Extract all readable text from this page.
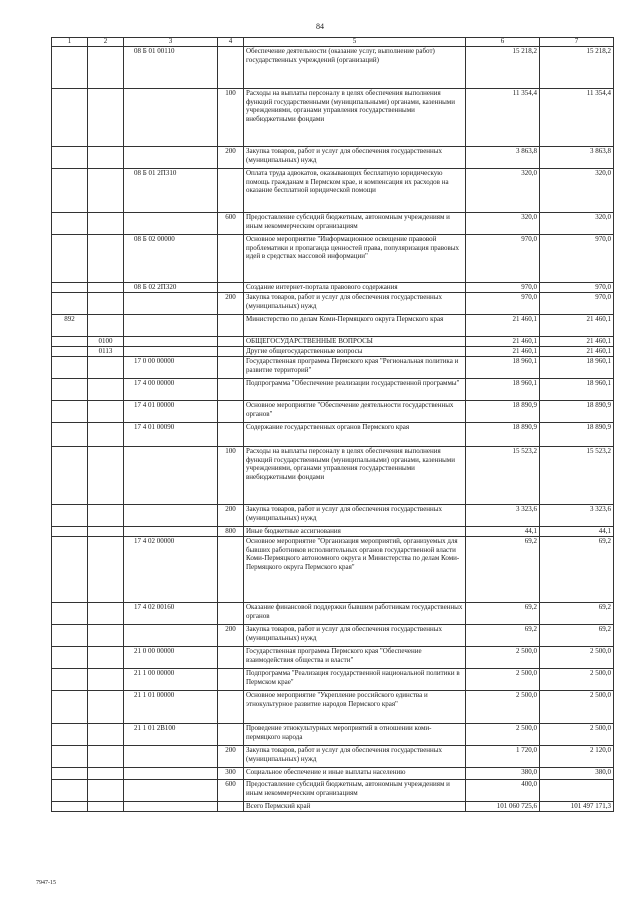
84
1	2	3	4	5	6	7
		08 Б 01 00110		Обеспечение деятельности (оказание услуг, выполнение работ) государственных учреждений (организаций)	15 218,2	15 218,2
			100	Расходы на выплаты персоналу в целях обеспечения выполнения функций государственными (муниципальными) органами, казенными учреждениями, органами управления государственными внебюджетными фондами	11 354,4	11 354,4
			200	Закупка товаров, работ и услуг для обеспечения государственных (муниципальных) нужд	3 863,8	3 863,8
		08 Б 01 2П310		Оплата труда адвокатов, оказывающих бесплатную юридическую помощь гражданам в Пермском крае, и компенсация их расходов на оказание бесплатной юридической помощи	320,0	320,0
			600	Предоставление субсидий бюджетным, автономным учреждениям и иным некоммерческим организациям	320,0	320,0
		08 Б 02 00000		Основное мероприятие "Информационное освещение правовой проблематики и пропаганда ценностей права, популяризация правовых идей в средствах массовой информации"	970,0	970,0
		08 Б 02 2П320		Создание интернет-портала правового содержания	970,0	970,0
			200	Закупка товаров, работ и услуг для обеспечения государственных (муниципальных) нужд	970,0	970,0
892				Министерство по делам Коми-Пермяцкого округа Пермского края	21 460,1	21 460,1
	0100			ОБЩЕГОСУДАРСТВЕННЫЕ ВОПРОСЫ	21 460,1	21 460,1
	0113			Другие общегосударственные вопросы	21 460,1	21 460,1
		17 0 00 00000		Государственная программа Пермского края "Региональная политика и развитие территорий"	18 960,1	18 960,1
		17 4 00 00000		Подпрограмма "Обеспечение реализации государственной программы"	18 960,1	18 960,1
		17 4 01 00000		Основное мероприятие "Обеспечение деятельности государственных органов"	18 890,9	18 890,9
		17 4 01 00090		Содержание государственных органов Пермского края	18 890,9	18 890,9
			100	Расходы на выплаты персоналу в целях обеспечения выполнения функций государственными (муниципальными) органами, казенными учреждениями, органами управления государственными внебюджетными фондами	15 523,2	15 523,2
			200	Закупка товаров, работ и услуг для обеспечения государственных (муниципальных) нужд	3 323,6	3 323,6
			800	Иные бюджетные ассигнования	44,1	44,1
		17 4 02 00000		Основное мероприятие "Организация мероприятий, организуемых для бывших работников исполнительных органов государственной власти Коми-Пермяцкого автономного округа и Министерства по делам Коми-Пермяцкого округа Пермского края"	69,2	69,2
		17 4 02 00160		Оказание финансовой поддержки бывшим работникам государственных органов	69,2	69,2
			200	Закупка товаров, работ и услуг для обеспечения государственных (муниципальных) нужд	69,2	69,2
		21 0 00 00000		Государственная программа Пермского края "Обеспечение взаимодействия общества и власти"	2 500,0	2 500,0
		21 1 00 00000		Подпрограмма "Реализация государственной национальной политики в Пермском крае"	2 500,0	2 500,0
		21 1 01 00000		Основное мероприятие "Укрепление российского единства и этнокультурное развитие народов Пермского края"	2 500,0	2 500,0
		21 1 01 2В100		Проведение этнокультурных мероприятий в отношении коми-пермяцкого народа	2 500,0	2 500,0
			200	Закупка товаров, работ и услуг для обеспечения государственных (муниципальных) нужд	1 720,0	2 120,0
			300	Социальное обеспечение и иные выплаты населению	380,0	380,0
			600	Предоставление субсидий бюджетным, автономным учреждениям и иным некоммерческим организациям	400,0	
				Всего Пермский край	101 060 725,6	101 497 171,3
7947-15
